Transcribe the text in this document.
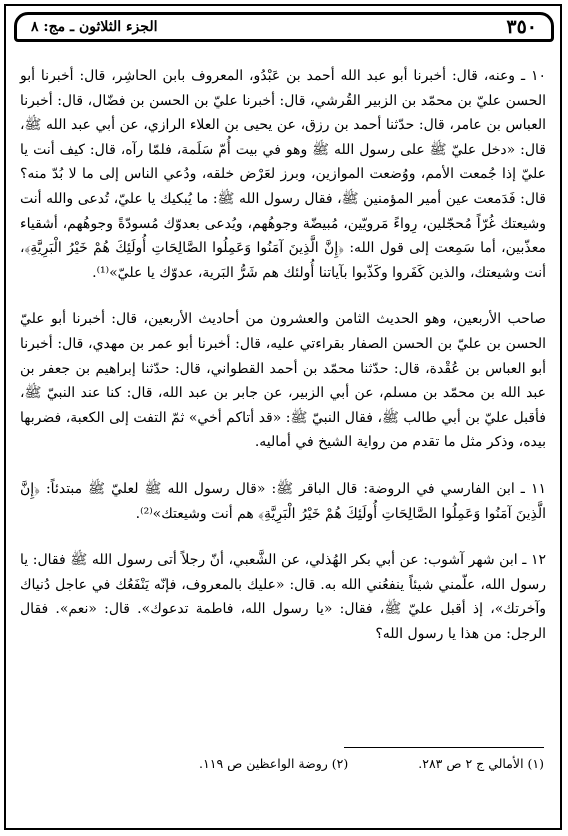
٣٥٠
الجزء الثلاثون ـ مج: ٨

١٠ ـ وعنه، قال: أخبرنا أبو عبد الله أحمد بن عَبْدُو، المعروف بابن الحاشِر، قال: أخبرنا أبو الحسن عليّ بن محمّد بن الزبير القُرشي، قال: أخبرنا عليّ بن الحسن بن فضّال، قال: أخبرنا العباس بن عامر، قال: حدّثنا أحمد بن رزق، عن يحيى بن العلاء الرازي، عن أبي عبد الله ﷺ، قال: «دخل عليّ ﷺ على رسول الله ﷺ وهو في بيت أُمّ سَلَمة، فلمّا رآه، قال: كيف أنت يا عليّ إذا جُمعت الأمم، ووُضعت الموازين، وبرز لعَرْض خلقه، ودُعي الناس إلى ما لا بُدّ منه؟ قال: فَدَمعت عين أمير المؤمنين ﷺ، فقال رسول الله ﷺ: ما يُبكيك يا عليّ، تُدعى والله أنت وشيعتك غُرّاً مُحجّلين، رِواءً مَرويّين، مُبيضّة وجوهُهم، ويُدعى بعدوّك مُسودّةً وجوهُهم، أشقياء معذّبين، أما سَمِعت إلى قول الله: ﴿إِنَّ الَّذِينَ آمَنُوا وَعَمِلُوا الصَّالِحَاتِ أُولَئِكَ هُمْ خَيْرُ الْبَرِيَّةِ﴾، أنت وشيعتك، والذين كَفَروا وكَذّبوا بآياتنا أُولئك هم شَرُّ البَرية، عدوّك يا عليّ»⁽¹⁾.

صاحب الأربعين، وهو الحديث الثامن والعشرون من أحاديث الأربعين، قال: أخبرنا أبو عليّ الحسن بن عليّ بن الحسن الصفار بقراءتي عليه، قال: أخبرنا أبو عمر بن مهدي، قال: أخبرنا أبو العباس بن عُقْدة، قال: حدّثنا محمّد بن أحمد القطواني، قال: حدّثنا إبراهيم بن جعفر بن عبد الله بن محمّد بن مسلم، عن أبي الزبير، عن جابر بن عبد الله، قال: كنا عند النبيّ ﷺ، فأقبل عليّ بن أبي طالب ﷺ، فقال النبيّ ﷺ: «قد أتاكم أخي» ثمّ التفت إلى الكعبة، فضربها بيده، وذكر مثل ما تقدم من رواية الشيخ في أماليه.

١١ ـ ابن الفارسي في الروضة: قال الباقر ﷺ: «قال رسول الله ﷺ لعليّ ﷺ مبتدئاً: ﴿إِنَّ الَّذِينَ آمَنُوا وَعَمِلُوا الصَّالِحَاتِ أُولَئِكَ هُمْ خَيْرُ الْبَرِيَّةِ﴾ هم أنت وشيعتك»⁽²⁾.

١٢ ـ ابن شهر آشوب: عن أبي بكر الهُذلي، عن الشَّعبي، أنّ رجلاً أتى رسول الله ﷺ فقال: يا رسول الله، علّمني شيئاً ينفعُني الله به. قال: «عليك بالمعروف، فإنّه يَنْفَعُك في عاجل دُنياك وآخرتك»، إذ أقبل عليّ ﷺ، فقال: «يا رسول الله، فاطمة تدعوك». قال: «نعم». فقال الرجل: من هذا يا رسول الله؟

(١) الأمالي ج ٢ ص ٢٨٣.
(٢) روضة الواعظين ص ١١٩.
